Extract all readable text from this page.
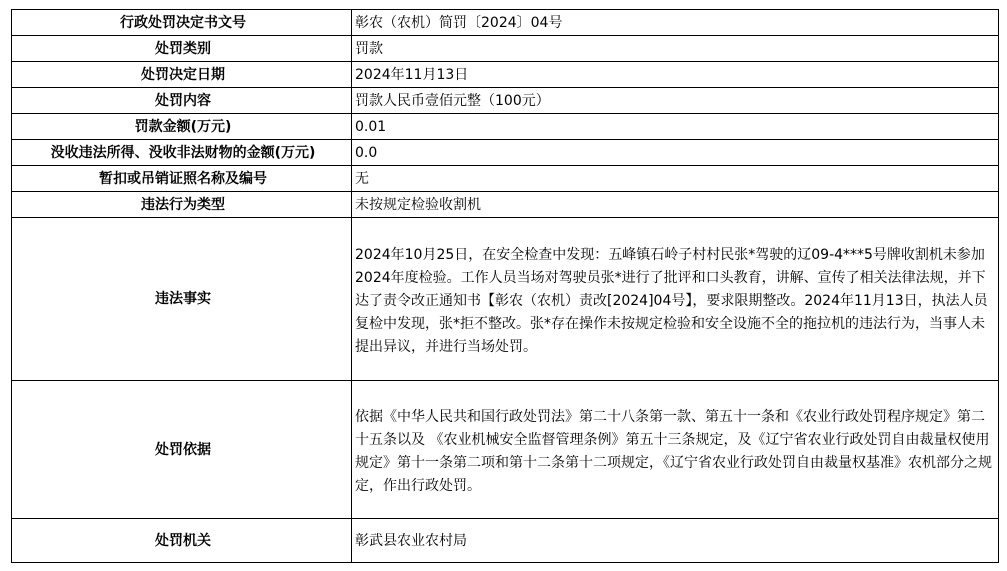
行政处罚决定书文号	彰农（农机）简罚〔2024〕04号
处罚类别	罚款
处罚决定日期	2024年11月13日
处罚内容	罚款人民币壹佰元整（100元）
罚款金额(万元)	0.01
没收违法所得、没收非法财物的金额(万元)	0.0
暂扣或吊销证照名称及编号	无
违法行为类型	未按规定检验收割机
违法事实	2024年10月25日，在安全检查中发现：五峰镇石岭子村村民张*驾驶的辽09-4***5号牌收割机未参加2024年度检验。工作人员当场对驾驶员张*进行了批评和口头教育，讲解、宣传了相关法律法规，并下达了责令改正通知书【彰农（农机）责改[2024]04号】，要求限期整改。2024年11月13日，执法人员复检中发现，张*拒不整改。张*存在操作未按规定检验和安全设施不全的拖拉机的违法行为，当事人未提出异议，并进行当场处罚。
处罚依据	依据《中华人民共和国行政处罚法》第二十八条第一款、第五十一条和《农业行政处罚程序规定》第二十五条以及 《农业机械安全监督管理条例》第五十三条规定，及《辽宁省农业行政处罚自由裁量权使用规定》第十一条第二项和第十二条第十二项规定，《辽宁省农业行政处罚自由裁量权基准》农机部分之规定，作出行政处罚。
处罚机关	彰武县农业农村局
